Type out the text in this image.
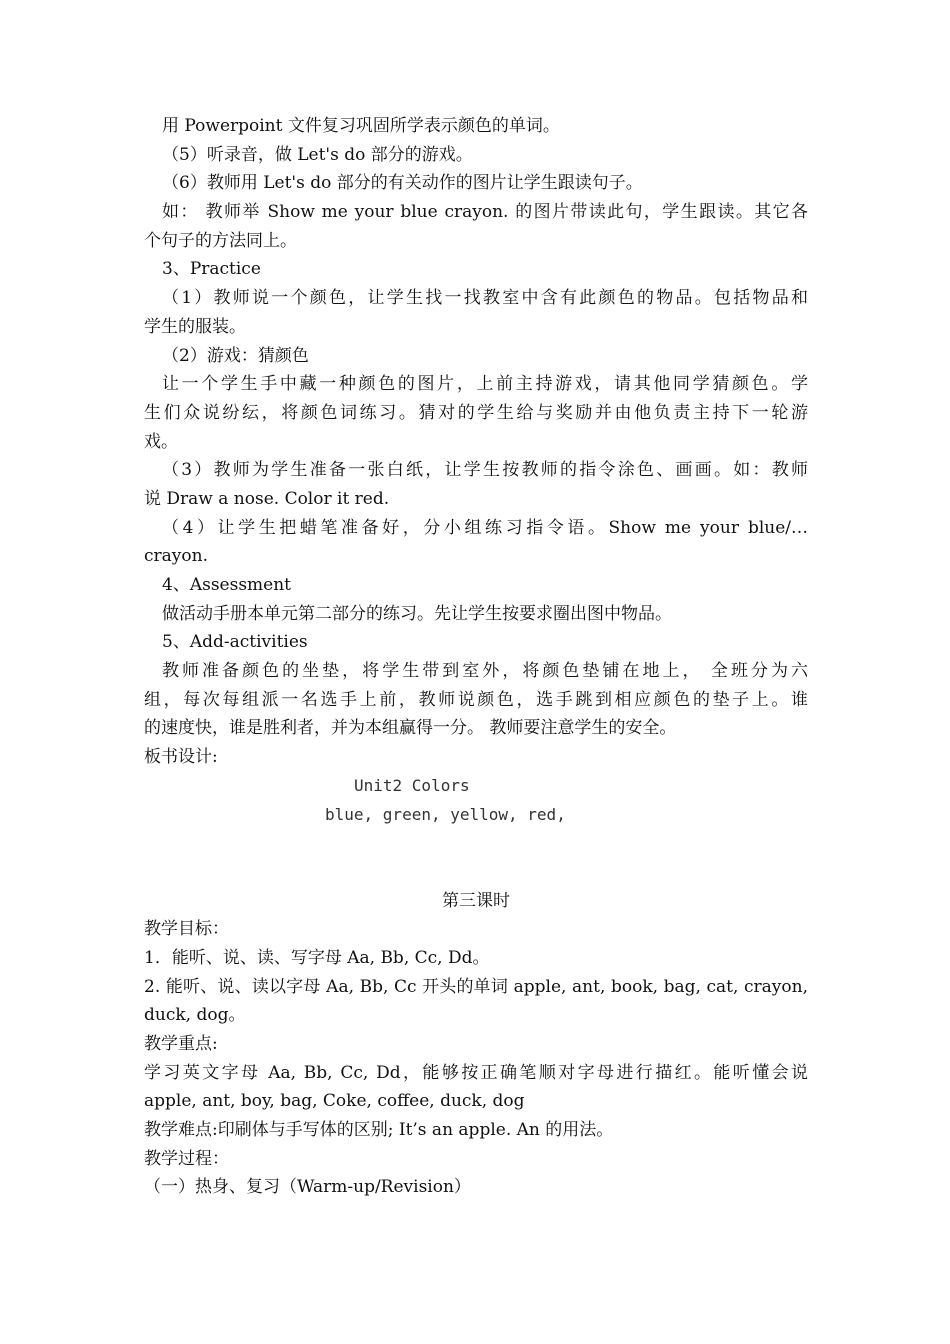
用 Powerpoint 文件复习巩固所学表示颜色的单词。
（5）听录音，做 Let's do 部分的游戏。
（6）教师用 Let's do 部分的有关动作的图片让学生跟读句子。
如： 教师举 Show me your blue crayon. 的图片带读此句，学生跟读。其它各
个句子的方法同上。
3、Practice
（1）教师说一个颜色，让学生找一找教室中含有此颜色的物品。包括物品和
学生的服装。
（2）游戏：猜颜色
让一个学生手中藏一种颜色的图片，上前主持游戏，请其他同学猜颜色。学
生们众说纷纭，将颜色词练习。猜对的学生给与奖励并由他负责主持下一轮游
戏。
（3）教师为学生准备一张白纸，让学生按教师的指令涂色、画画。如：教师
说 Draw a nose. Color it red.
（4）让学生把蜡笔准备好，分小组练习指令语。Show me your blue/…
crayon.
4、Assessment
做活动手册本单元第二部分的练习。先让学生按要求圈出图中物品。
5、Add-activities
教师准备颜色的坐垫，将学生带到室外，将颜色垫铺在地上， 全班分为六
组，每次每组派一名选手上前，教师说颜色，选手跳到相应颜色的垫子上。谁
的速度快，谁是胜利者，并为本组赢得一分。 教师要注意学生的安全。
板书设计:
Unit2 Colors
blue, green, yellow, red,
第三课时
教学目标：
1．能听、说、读、写字母 Aa, Bb, Cc, Dd。
2. 能听、说、读以字母 Aa, Bb, Cc 开头的单词 apple, ant, book, bag, cat, crayon,
duck, dog。
教学重点:
学习英文字母 Aa, Bb, Cc, Dd，能够按正确笔顺对字母进行描红。能听懂会说
apple, ant, boy, bag, Coke, coffee, duck, dog
教学难点:印刷体与手写体的区别; It’s an apple. An 的用法。
教学过程：
（一）热身、复习（Warm-up/Revision）
